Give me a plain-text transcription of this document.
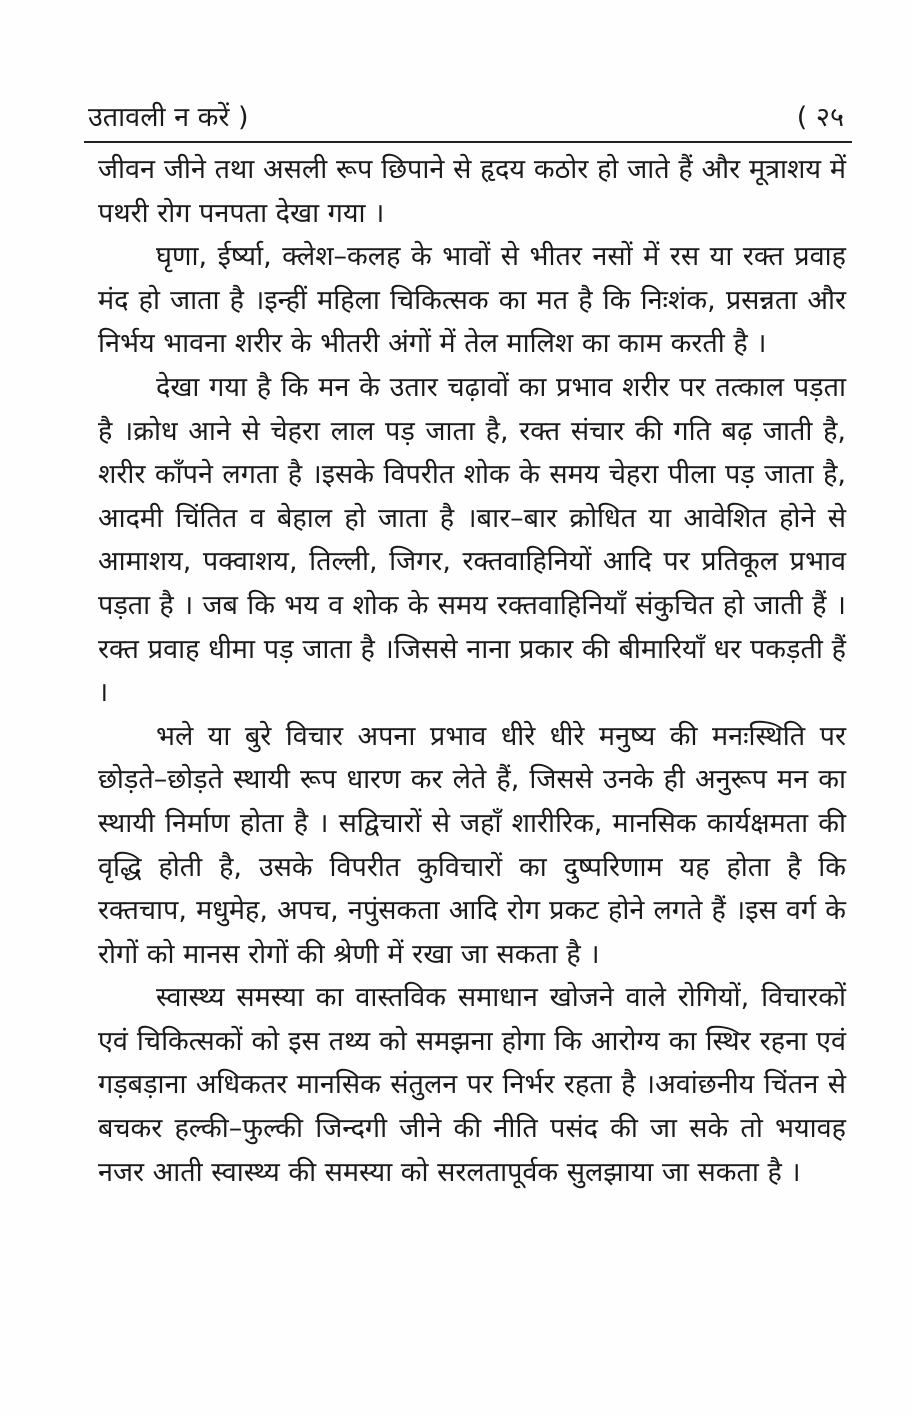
उतावली न करें )	( २५

जीवन जीने तथा असली रूप छिपाने से हृदय कठोर हो जाते हैं और मूत्राशय में पथरी रोग पनपता देखा गया ।

घृणा, ईर्ष्या, क्लेश–कलह के भावों से भीतर नसों में रस या रक्त प्रवाह मंद हो जाता है ।इन्हीं महिला चिकित्सक का मत है कि निःशंक, प्रसन्नता और निर्भय भावना शरीर के भीतरी अंगों में तेल मालिश का काम करती है ।

देखा गया है कि मन के उतार चढ़ावों का प्रभाव शरीर पर तत्काल पड़ता है ।क्रोध आने से चेहरा लाल पड़ जाता है, रक्त संचार की गति बढ़ जाती है, शरीर काँपने लगता है ।इसके विपरीत शोक के समय चेहरा पीला पड़ जाता है, आदमी चिंतित व बेहाल हो जाता है ।बार–बार क्रोधित या आवेशित होने से आमाशय, पक्वाशय, तिल्ली, जिगर, रक्तवाहिनियों आदि पर प्रतिकूल प्रभाव पड़ता है । जब कि भय व शोक के समय रक्तवाहिनियाँ संकुचित हो जाती हैं । रक्त प्रवाह धीमा पड़ जाता है ।जिससे नाना प्रकार की बीमारियाँ धर पकड़ती हैं ।

भले या बुरे विचार अपना प्रभाव धीरे धीरे मनुष्य की मनःस्थिति पर छोड़ते–छोड़ते स्थायी रूप धारण कर लेते हैं, जिससे उनके ही अनुरूप मन का स्थायी निर्माण होता है । सद्विचारों से जहाँ शारीरिक, मानसिक कार्यक्षमता की वृद्धि होती है, उसके विपरीत कुविचारों का दुष्परिणाम यह होता है कि रक्तचाप, मधुमेह, अपच, नपुंसकता आदि रोग प्रकट होने लगते हैं ।इस वर्ग के रोगों को मानस रोगों की श्रेणी में रखा जा सकता है ।

स्वास्थ्य समस्या का वास्तविक समाधान खोजने वाले रोगियों, विचारकों एवं चिकित्सकों को इस तथ्य को समझना होगा कि आरोग्य का स्थिर रहना एवं गड़बड़ाना अधिकतर मानसिक संतुलन पर निर्भर रहता है ।अवांछनीय चिंतन से बचकर हल्की–फुल्की जिन्दगी जीने की नीति पसंद की जा सके तो भयावह नजर आती स्वास्थ्य की समस्या को सरलतापूर्वक सुलझाया जा सकता है ।
